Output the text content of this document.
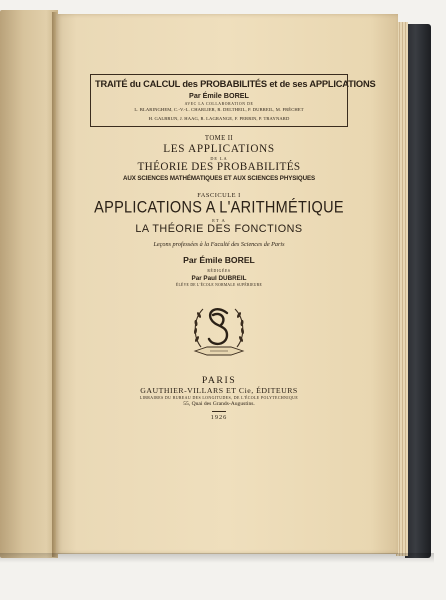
TRAITÉ du CALCUL des PROBABILITÉS et de ses APPLICATIONS
Par Émile BOREL
AVEC LA COLLABORATION DE
L. BLARINGHEM, C.-V.-L. CHARLIER, R. DELTHEIL, P. DUBREIL, M. FRÉCHET
H. GALBRUN, J. HAAG, R. LAGRANGE, F. PERRIN, P. TRAYNARD
TOME II
LES APPLICATIONS
DE LA
THÉORIE DES PROBABILITÉS
AUX SCIENCES MATHÉMATIQUES ET AUX SCIENCES PHYSIQUES
FASCICULE I
APPLICATIONS A L'ARITHMÉTIQUE
ET A
LA THÉORIE DES FONCTIONS
Leçons professées à la Faculté des Sciences de Paris
Par Émile BOREL
RÉDIGÉES
Par Paul DUBREIL
ÉLÈVE DE L'ÉCOLE NORMALE SUPÉRIEURE
PARIS
GAUTHIER-VILLARS ET Cie, ÉDITEURS
LIBRAIRES DU BUREAU DES LONGITUDES, DE L'ÉCOLE POLYTECHNIQUE
55, Quai des Grands-Augustins.
1926
